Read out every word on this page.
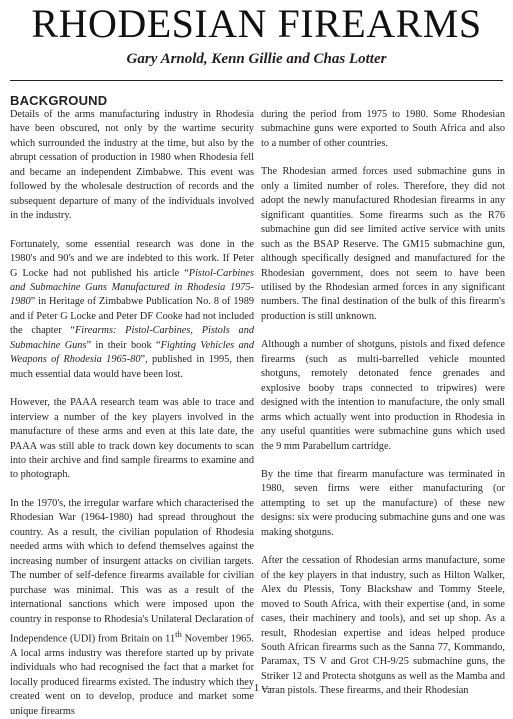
RHODESIAN FIREARMS
Gary Arnold, Kenn Gillie and Chas Lotter
BACKGROUND

Details of the arms manufacturing industry in Rhodesia have been obscured, not only by the wartime security which surrounded the industry at the time, but also by the abrupt cessation of production in 1980 when Rhodesia fell and became an independent Zimbabwe. This event was followed by the wholesale destruction of records and the subsequent departure of many of the individuals involved in the industry.

Fortunately, some essential research was done in the 1980's and 90's and we are indebted to this work. If Peter G Locke had not published his article “Pistol-Carbines and Submachine Guns Manufactured in Rhodesia 1975-1980” in Heritage of Zimbabwe Publication No. 8 of 1989 and if Peter G Locke and Peter DF Cooke had not included the chapter “Firearms: Pistol-Carbines, Pistols and Submachine Guns” in their book “Fighting Vehicles and Weapons of Rhodesia 1965-80”, published in 1995, then much essential data would have been lost.

However, the PAAA research team was able to trace and interview a number of the key players involved in the manufacture of these arms and even at this late date, the PAAA was still able to track down key documents to scan into their archive and find sample firearms to examine and to photograph.

In the 1970's, the irregular warfare which characterised the Rhodesian War (1964-1980) had spread throughout the country. As a result, the civilian population of Rhodesia needed arms with which to defend themselves against the increasing number of insurgent attacks on civilian targets. The number of self-defence firearms available for civilian purchase was minimal. This was as a result of the international sanctions which were imposed upon the country in response to Rhodesia's Unilateral Declaration of Independence (UDI) from Britain on 11th November 1965. A local arms industry was therefore started up by private individuals who had recognised the fact that a market for locally produced firearms existed. The industry which they created went on to develop, produce and market some unique firearms

during the period from 1975 to 1980. Some Rhodesian submachine guns were exported to South Africa and also to a number of other countries.

The Rhodesian armed forces used submachine guns in only a limited number of roles. Therefore, they did not adopt the newly manufactured Rhodesian firearms in any significant quantities. Some firearms such as the R76 submachine gun did see limited active service with units such as the BSAP Reserve. The GM15 submachine gun, although specifically designed and manufactured for the Rhodesian government, does not seem to have been utilised by the Rhodesian armed forces in any significant numbers. The final destination of the bulk of this firearm's production is still unknown.

Although a number of shotguns, pistols and fixed defence firearms (such as multi-barrelled vehicle mounted shotguns, remotely detonated fence grenades and explosive booby traps connected to tripwires) were designed with the intention to manufacture, the only small arms which actually went into production in Rhodesia in any useful quantities were submachine guns which used the 9 mm Parabellum cartridge.

By the time that firearm manufacture was terminated in 1980, seven firms were either manufacturing (or attempting to set up the manufacture) of these new designs: six were producing submachine guns and one was making shotguns.

After the cessation of Rhodesian arms manufacture, some of the key players in that industry, such as Hilton Walker, Alex du Plessis, Tony Blackshaw and Tommy Steele, moved to South Africa, with their expertise (and, in some cases, their machinery and tools), and set up shop. As a result, Rhodesian expertise and ideas helped produce South African firearms such as the Sanna 77, Kommando, Paramax, TS V and Grot CH-9/25 submachine guns, the Striker 12 and Protecta shotguns as well as the Mamba and Varan pistols. These firearms, and their Rhodesian

— 1 —
